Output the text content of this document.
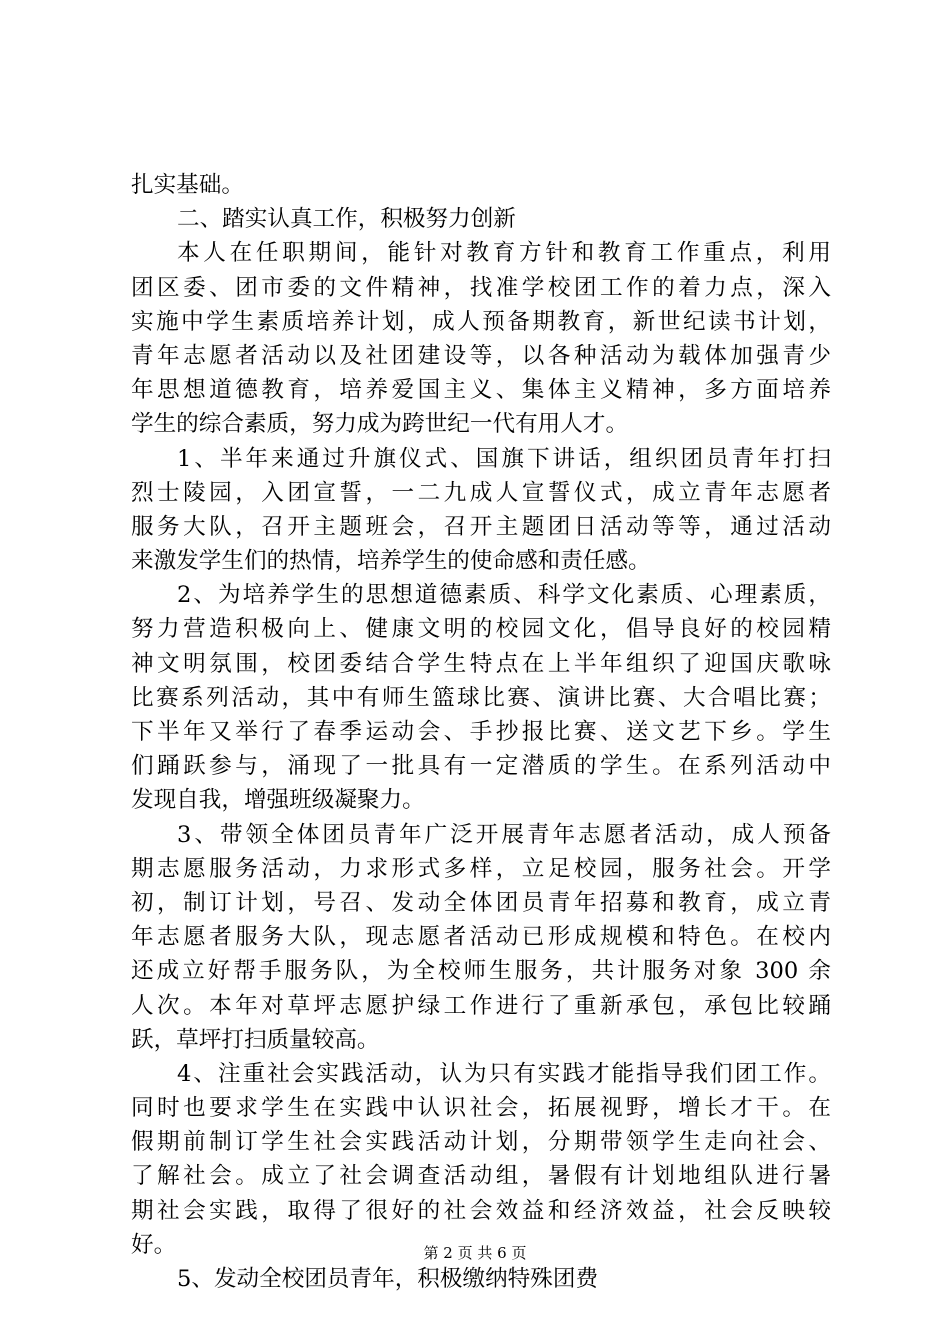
扎实基础。
二、踏实认真工作，积极努力创新
本人在任职期间，能针对教育方针和教育工作重点，利用
团区委、团市委的文件精神，找准学校团工作的着力点，深入
实施中学生素质培养计划，成人预备期教育，新世纪读书计划，
青年志愿者活动以及社团建设等，以各种活动为载体加强青少
年思想道德教育，培养爱国主义、集体主义精神，多方面培养
学生的综合素质，努力成为跨世纪一代有用人才。
1、半年来通过升旗仪式、国旗下讲话，组织团员青年打扫
烈士陵园，入团宣誓，一二九成人宣誓仪式，成立青年志愿者
服务大队，召开主题班会，召开主题团日活动等等，通过活动
来激发学生们的热情，培养学生的使命感和责任感。
2、为培养学生的思想道德素质、科学文化素质、心理素质，
努力营造积极向上、健康文明的校园文化，倡导良好的校园精
神文明氛围，校团委结合学生特点在上半年组织了迎国庆歌咏
比赛系列活动，其中有师生篮球比赛、演讲比赛、大合唱比赛；
下半年又举行了春季运动会、手抄报比赛、送文艺下乡。学生
们踊跃参与，涌现了一批具有一定潜质的学生。在系列活动中
发现自我，增强班级凝聚力。
3、带领全体团员青年广泛开展青年志愿者活动，成人预备
期志愿服务活动，力求形式多样，立足校园，服务社会。开学
初，制订计划，号召、发动全体团员青年招募和教育，成立青
年志愿者服务大队，现志愿者活动已形成规模和特色。在校内
还成立好帮手服务队，为全校师生服务，共计服务对象 300 余
人次。本年对草坪志愿护绿工作进行了重新承包，承包比较踊
跃，草坪打扫质量较高。
4、注重社会实践活动，认为只有实践才能指导我们团工作。
同时也要求学生在实践中认识社会，拓展视野，增长才干。在
假期前制订学生社会实践活动计划，分期带领学生走向社会、
了解社会。成立了社会调查活动组，暑假有计划地组队进行暑
期社会实践，取得了很好的社会效益和经济效益，社会反映较
好。
5、发动全校团员青年，积极缴纳特殊团费
第 2 页 共 6 页
